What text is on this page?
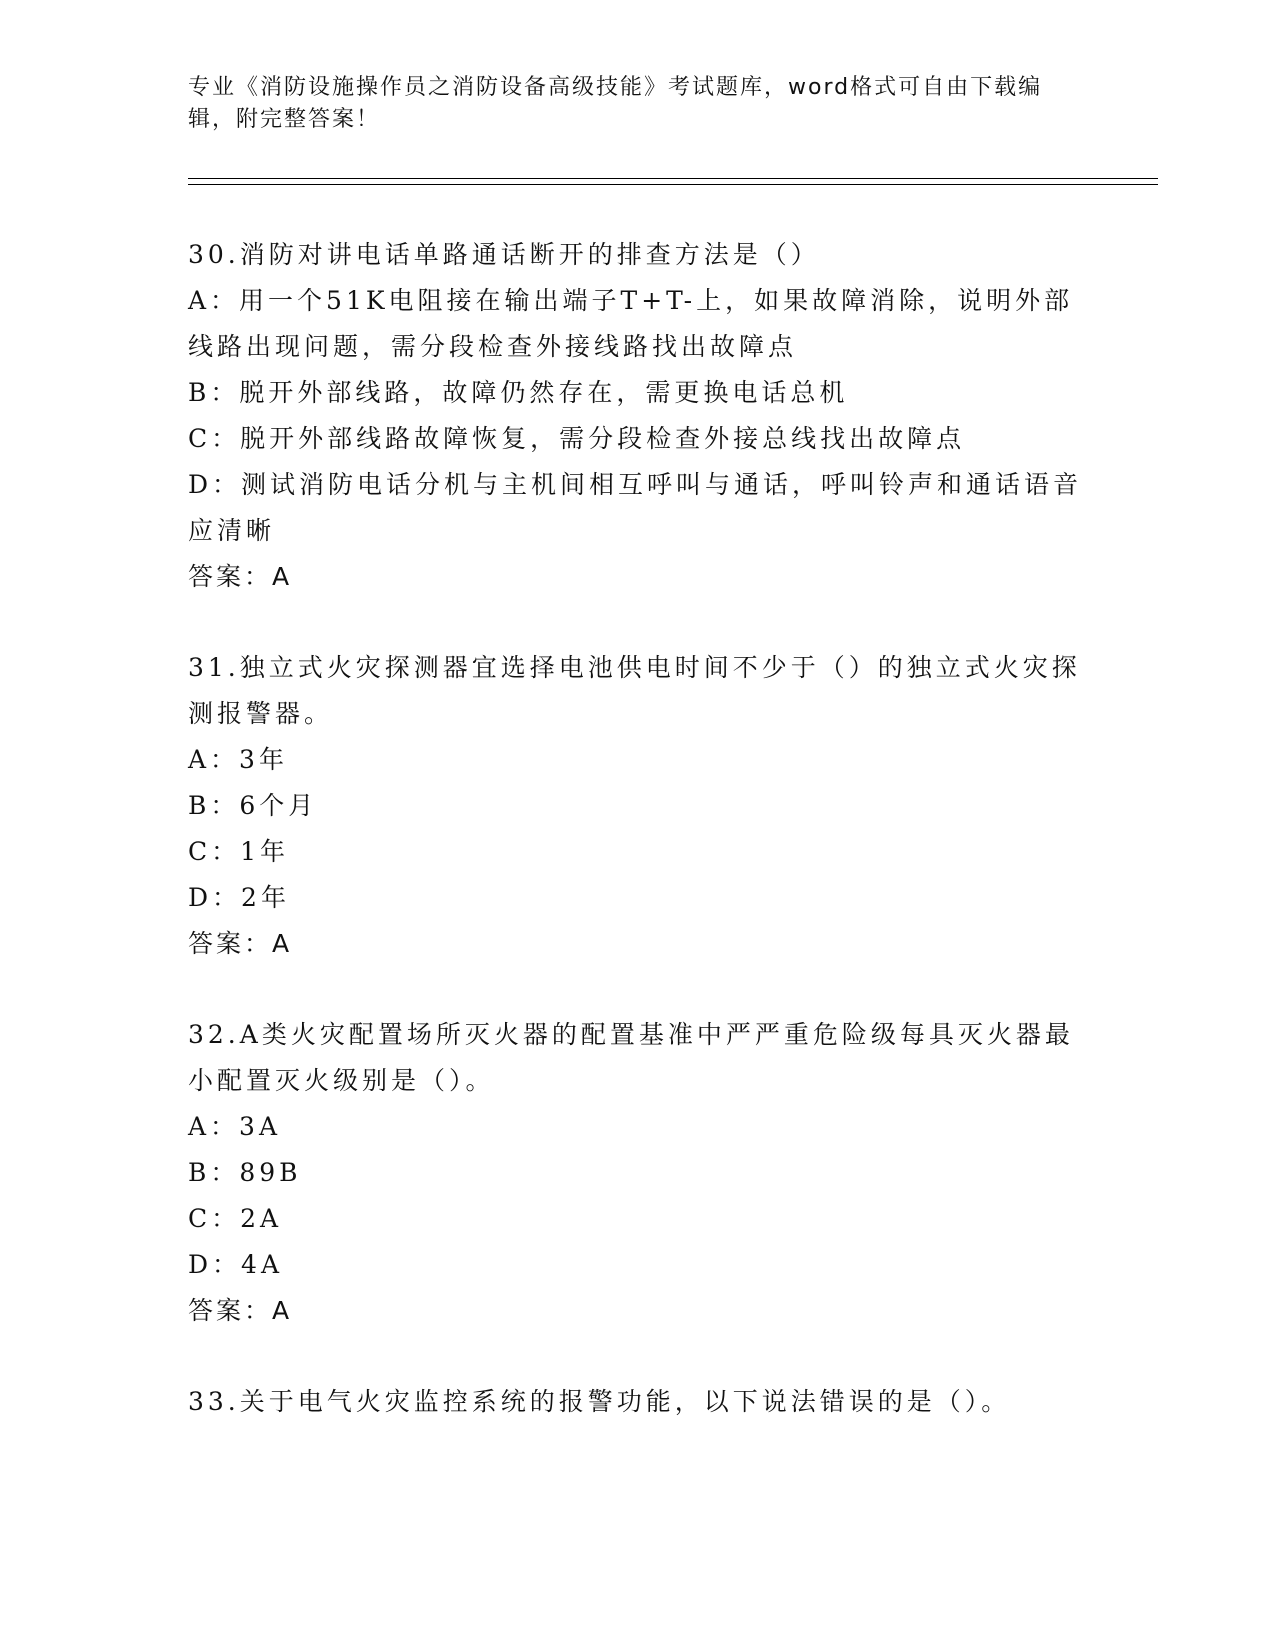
专业《消防设施操作员之消防设备高级技能》考试题库，word格式可自由下载编辑，附完整答案！

30.消防对讲电话单路通话断开的排查方法是（）

A：用一个51K电阻接在输出端子T+T-上，如果故障消除，说明外部线路出现问题，需分段检查外接线路找出故障点

B：脱开外部线路，故障仍然存在，需更换电话总机

C：脱开外部线路故障恢复，需分段检查外接总线找出故障点

D：测试消防电话分机与主机间相互呼叫与通话，呼叫铃声和通话语音应清晰

答案：A

31.独立式火灾探测器宜选择电池供电时间不少于（）的独立式火灾探测报警器。

A：3年

B：6个月

C：1年

D：2年

答案：A

32.A类火灾配置场所灭火器的配置基准中严严重危险级每具灭火器最小配置灭火级别是（）。

A：3A

B：89B

C：2A

D：4A

答案：A

33.关于电气火灾监控系统的报警功能，以下说法错误的是（）。
